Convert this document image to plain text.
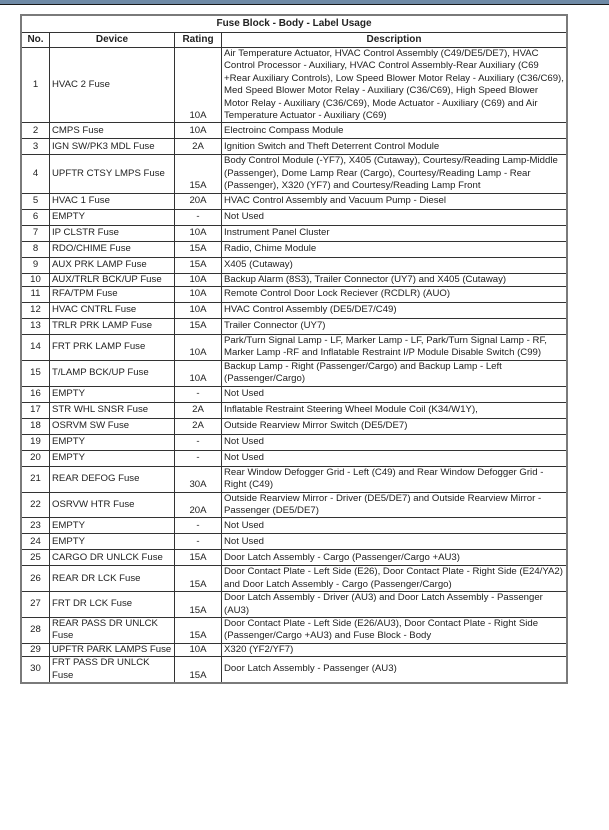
Fuse Block - Body - Label Usage			
No.	Device	Rating	Description
1	HVAC 2 Fuse	10A	Air Temperature Actuator, HVAC Control Assembly (C49/DE5/DE7), HVAC Control Processor - Auxiliary, HVAC Control Assembly-Rear Auxiliary (C69 +Rear Auxiliary Controls), Low Speed Blower Motor Relay - Auxiliary (C36/C69), Med Speed Blower Motor Relay - Auxiliary (C36/C69), High Speed Blower Motor Relay - Auxiliary (C36/C69), Mode Actuator - Auxiliary (C69) and Air Temperature Actuator - Auxiliary (C69)
2	CMPS Fuse	10A	Electroinc Compass Module
3	IGN SW/PK3 MDL Fuse	2A	Ignition Switch and Theft Deterrent Control Module
4	UPFTR CTSY LMPS Fuse	15A	Body Control Module (-YF7), X405 (Cutaway), Courtesy/Reading Lamp-Middle (Passenger), Dome Lamp Rear (Cargo), Courtesy/Reading Lamp - Rear (Passenger), X320 (YF7) and Courtesy/Reading Lamp Front
5	HVAC 1 Fuse	20A	HVAC Control Assembly and Vacuum Pump - Diesel
6	EMPTY	-	Not Used
7	IP CLSTR Fuse	10A	Instrument Panel Cluster
8	RDO/CHIME Fuse	15A	Radio, Chime Module
9	AUX PRK LAMP Fuse	15A	X405 (Cutaway)
10	AUX/TRLR BCK/UP Fuse	10A	Backup Alarm (8S3), Trailer Connector (UY7) and X405 (Cutaway)
11	RFA/TPM Fuse	10A	Remote Control Door Lock Reciever (RCDLR) (AUO)
12	HVAC CNTRL Fuse	10A	HVAC Control Assembly (DE5/DE7/C49)
13	TRLR PRK LAMP Fuse	15A	Trailer Connector (UY7)
14	FRT PRK LAMP Fuse	10A	Park/Turn Signal Lamp - LF, Marker Lamp - LF, Park/Turn Signal Lamp - RF, Marker Lamp -RF and Inflatable Restraint I/P Module Disable Switch (C99)
15	T/LAMP BCK/UP Fuse	10A	Backup Lamp - Right (Passenger/Cargo) and Backup Lamp - Left (Passenger/Cargo)
16	EMPTY	-	Not Used
17	STR WHL SNSR Fuse	2A	Inflatable Restraint Steering Wheel Module Coil (K34/W1Y),
18	OSRVM SW Fuse	2A	Outside Rearview Mirror Switch (DE5/DE7)
19	EMPTY	-	Not Used
20	EMPTY	-	Not Used
21	REAR DEFOG Fuse	30A	Rear Window Defogger Grid - Left (C49) and Rear Window Defogger Grid - Right (C49)
22	OSRVW HTR Fuse	20A	Outside Rearview Mirror - Driver (DE5/DE7) and Outside Rearview Mirror - Passenger (DE5/DE7)
23	EMPTY	-	Not Used
24	EMPTY	-	Not Used
25	CARGO DR UNLCK Fuse	15A	Door Latch Assembly - Cargo (Passenger/Cargo +AU3)
26	REAR DR LCK Fuse	15A	Door Contact Plate - Left Side (E26), Door Contact Plate - Right Side (E24/YA2) and Door Latch Assembly - Cargo (Passenger/Cargo)
27	FRT DR LCK Fuse	15A	Door Latch Assembly - Driver (AU3) and Door Latch Assembly - Passenger (AU3)
28	REAR PASS DR UNLCK Fuse	15A	Door Contact Plate - Left Side (E26/AU3), Door Contact Plate - Right Side (Passenger/Cargo +AU3) and Fuse Block - Body
29	UPFTR PARK LAMPS Fuse	10A	X320 (YF2/YF7)
30	FRT PASS DR UNLCK Fuse	15A	Door Latch Assembly - Passenger (AU3)
